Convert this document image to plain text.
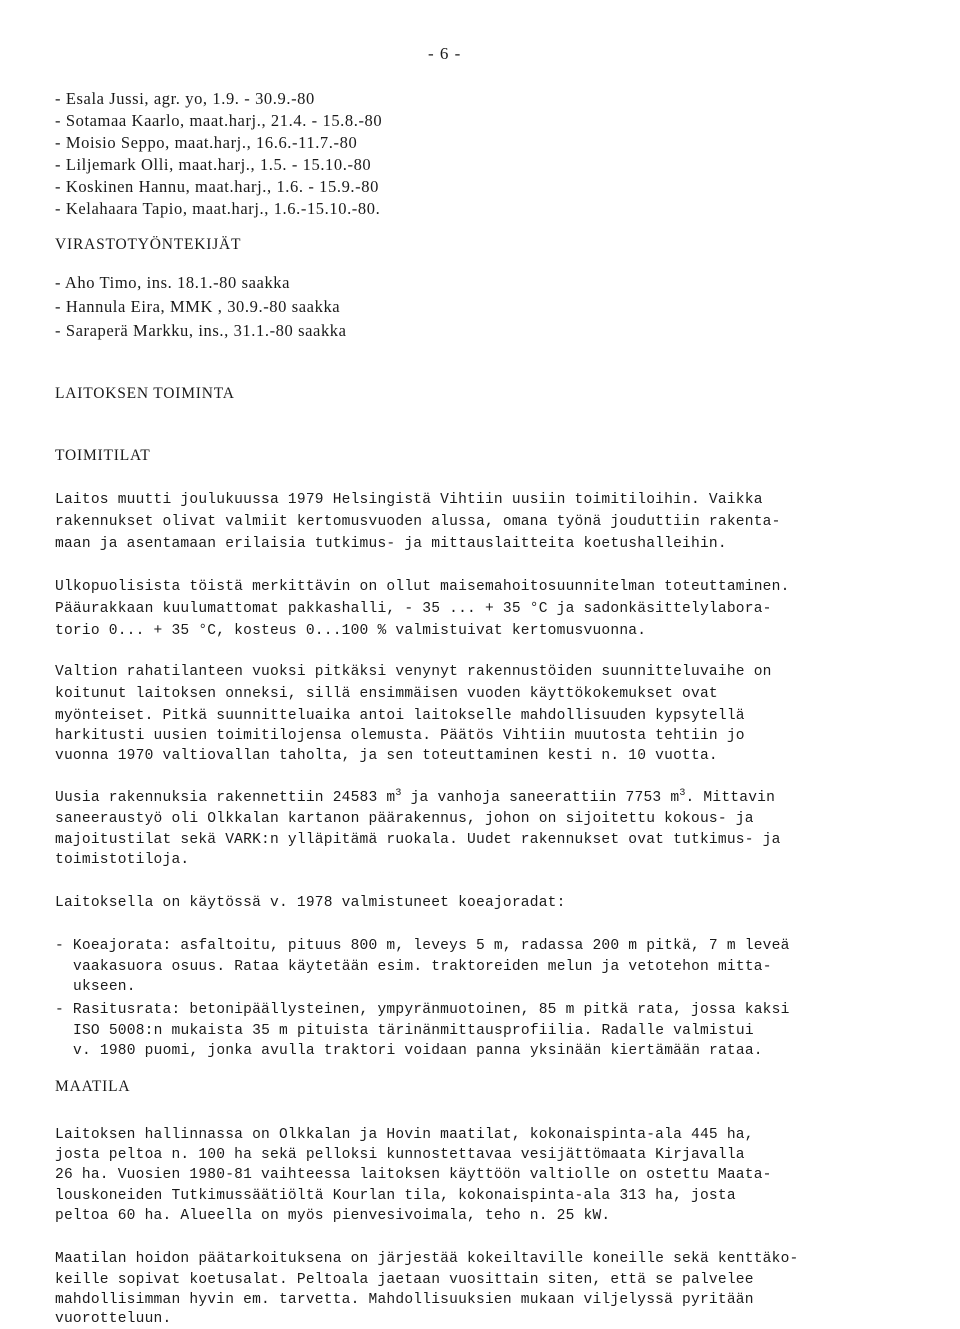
- 6 -
- Esala Jussi, agr. yo, 1.9. - 30.9.-80
- Sotamaa Kaarlo, maat.harj., 21.4. - 15.8.-80
- Moisio Seppo, maat.harj., 16.6.-11.7.-80
- Liljemark Olli, maat.harj., 1.5. - 15.10.-80
- Koskinen Hannu, maat.harj., 1.6. - 15.9.-80
- Kelahaara Tapio, maat.harj., 1.6.-15.10.-80.
VIRASTOTYÖNTEKIJÄT
- Aho Timo, ins. 18.1.-80 saakka
- Hannula Eira, MMK , 30.9.-80 saakka
- Saraperä Markku, ins., 31.1.-80 saakka
LAITOKSEN TOIMINTA
TOIMITILAT
Laitos muutti joulukuussa 1979 Helsingistä Vihtiin uusiin toimitiloihin. Vaikka
rakennukset olivat valmiit kertomusvuoden alussa, omana työnä jouduttiin rakenta-
maan ja asentamaan erilaisia tutkimus- ja mittauslaitteita koetushalleihin.
Ulkopuolisista töistä merkittävin on ollut maisemahoitosuunnitelman toteuttaminen.
Pääurakkaan kuulumattomat pakkashalli, - 35 ... + 35 °C ja sadonkäsittelylabora-
torio 0... + 35 °C, kosteus 0...100 % valmistuivat kertomusvuonna.
Valtion rahatilanteen vuoksi pitkäksi venynyt rakennustöiden suunnitteluvaihe on
koitunut laitoksen onneksi, sillä ensimmäisen vuoden käyttökokemukset ovat
myönteiset. Pitkä suunnitteluaika antoi laitokselle mahdollisuuden kypsytellä
harkitusti uusien toimitilojensa olemusta. Päätös Vihtiin muutosta tehtiin jo
vuonna 1970 valtiovallan taholta, ja sen toteuttaminen kesti n. 10 vuotta.
Uusia rakennuksia rakennettiin 24583 $m^3$ ja vanhoja saneerattiin 7753 $m^3$. Mittavin
saneeraustyö oli Olkkalan kartanon päärakennus, johon on sijoitettu kokous- ja
majoitustilat sekä VARK:n ylläpitämä ruokala. Uudet rakennukset ovat tutkimus- ja
toimistotiloja.
Laitoksella on käytössä v. 1978 valmistuneet koeajoradat:
- Koeajorata: asfaltoitu, pituus 800 m, leveys 5 m, radassa 200 m pitkä, 7 m leveä
vaakasuora osuus. Rataa käytetään esim. traktoreiden melun ja vetotehon mitta-
ukseen.
- Rasitusrata: betonipäällysteinen, ympyränmuotoinen, 85 m pitkä rata, jossa kaksi
ISO 5008:n mukaista 35 m pituista tärinänmittausprofiilia. Radalle valmistui
v. 1980 puomi, jonka avulla traktori voidaan panna yksinään kiertämään rataa.
MAATILA
Laitoksen hallinnassa on Olkkalan ja Hovin maatilat, kokonaispinta-ala 445 ha,
josta peltoa n. 100 ha sekä pelloksi kunnostettavaa vesijättömaata Kirjavalla
26 ha. Vuosien 1980-81 vaihteessa laitoksen käyttöön valtiolle on ostettu Maata-
louskoneiden Tutkimussäätiöltä Kourlan tila, kokonaispinta-ala 313 ha, josta
peltoa 60 ha. Alueella on myös pienvesivoimala, teho n. 25 kW.
Maatilan hoidon päätarkoituksena on järjestää kokeiltaville koneille sekä kenttäko-
keille sopivat koetusalat. Peltoala jaetaan vuosittain siten, että se palvelee
mahdollisimman hyvin em. tarvetta. Mahdollisuuksien mukaan viljelyssä pyritään
vuorotteluun.
